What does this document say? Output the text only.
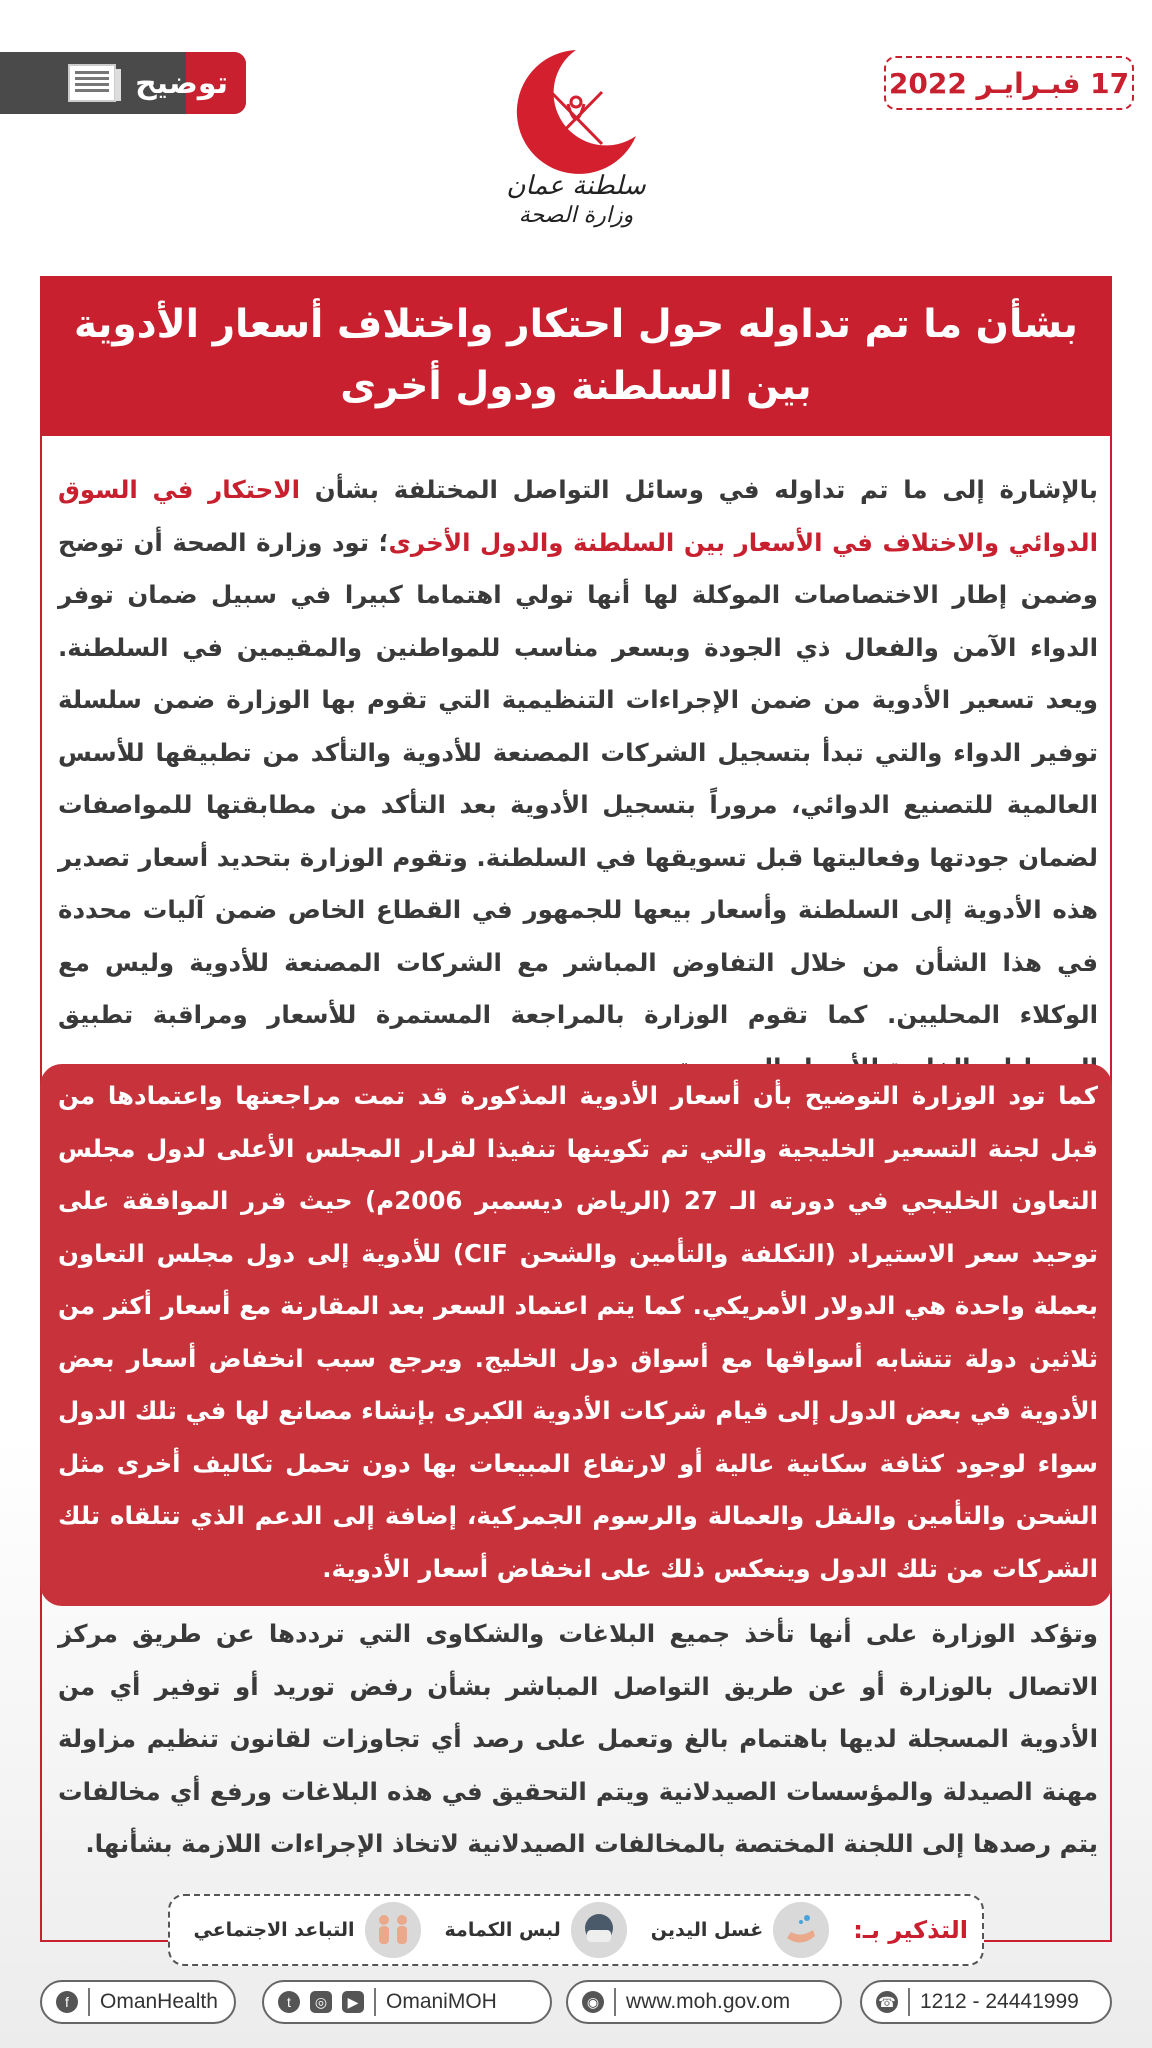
توضيح	17 فبـرايـر 2022
سلطنة عمان
وزارة الصحة
بشأن ما تم تداوله حول احتكار واختلاف أسعار الأدوية
بين السلطنة ودول أخرى

بالإشارة إلى ما تم تداوله في وسائل التواصل المختلفة بشأن الاحتكار في السوق الدوائي والاختلاف في الأسعار بين السلطنة والدول الأخرى؛ تود وزارة الصحة أن توضح وضمن إطار الاختصاصات الموكلة لها أنها تولي اهتماما كبيرا في سبيل ضمان توفر الدواء الآمن والفعال ذي الجودة وبسعر مناسب للمواطنين والمقيمين في السلطنة. ويعد تسعير الأدوية من ضمن الإجراءات التنظيمية التي تقوم بها الوزارة ضمن سلسلة توفير الدواء والتي تبدأ بتسجيل الشركات المصنعة للأدوية والتأكد من تطبيقها للأسس العالمية للتصنيع الدوائي، مروراً بتسجيل الأدوية بعد التأكد من مطابقتها للمواصفات لضمان جودتها وفعاليتها قبل تسويقها في السلطنة. وتقوم الوزارة بتحديد أسعار تصدير هذه الأدوية إلى السلطنة وأسعار بيعها للجمهور في القطاع الخاص ضمن آليات محددة في هذا الشأن من خلال التفاوض المباشر مع الشركات المصنعة للأدوية وليس مع الوكلاء المحليين. كما تقوم الوزارة بالمراجعة المستمرة للأسعار ومراقبة تطبيق

كما تود الوزارة التوضيح بأن أسعار الأدوية المذكورة قد تمت مراجعتها واعتمادها من قبل لجنة التسعير الخليجية والتي تم تكوينها تنفيذا لقرار المجلس الأعلى لدول مجلس التعاون الخليجي في دورته الـ 27 (الرياض ديسمبر 2006م) حيث قرر الموافقة على توحيد سعر الاستيراد (التكلفة والتأمين والشحن CIF) للأدوية إلى دول مجلس التعاون بعملة واحدة هي الدولار الأمريكي. كما يتم اعتماد السعر بعد المقارنة مع أسعار أكثر من ثلاثين دولة تتشابه أسواقها مع أسواق دول الخليج. ويرجع سبب انخفاض أسعار بعض الأدوية في بعض الدول إلى قيام شركات الأدوية الكبرى بإنشاء مصانع لها في تلك الدول سواء لوجود كثافة سكانية عالية أو لارتفاع المبيعات بها دون تحمل تكاليف أخرى مثل الشحن والتأمين والنقل والعمالة والرسوم الجمركية، إضافة إلى الدعم الذي تتلقاه تلك الشركات من تلك الدول وينعكس ذلك على انخفاض أسعار الأدوية.

وتؤكد الوزارة على أنها تأخذ جميع البلاغات والشكاوى التي ترددها عن طريق مركز الاتصال بالوزارة أو عن طريق التواصل المباشر بشأن رفض توريد أو توفير أي من الأدوية المسجلة لديها باهتمام بالغ وتعمل على رصد أي تجاوزات لقانون تنظيم مزاولة مهنة الصيدلة والمؤسسات الصيدلانية ويتم التحقيق في هذه البلاغات ورفع أي مخالفات يتم رصدها إلى اللجنة المختصة بالمخالفات الصيدلانية لاتخاذ الإجراءات اللازمة بشأنها.

التذكير بـ:
غسل اليدين
لبس الكمامة
التباعد الاجتماعي
f	OmanHealth	t	◎	▶ OmaniMOH	◉ www.moh.gov.om	☎ 1212 - 24441999
